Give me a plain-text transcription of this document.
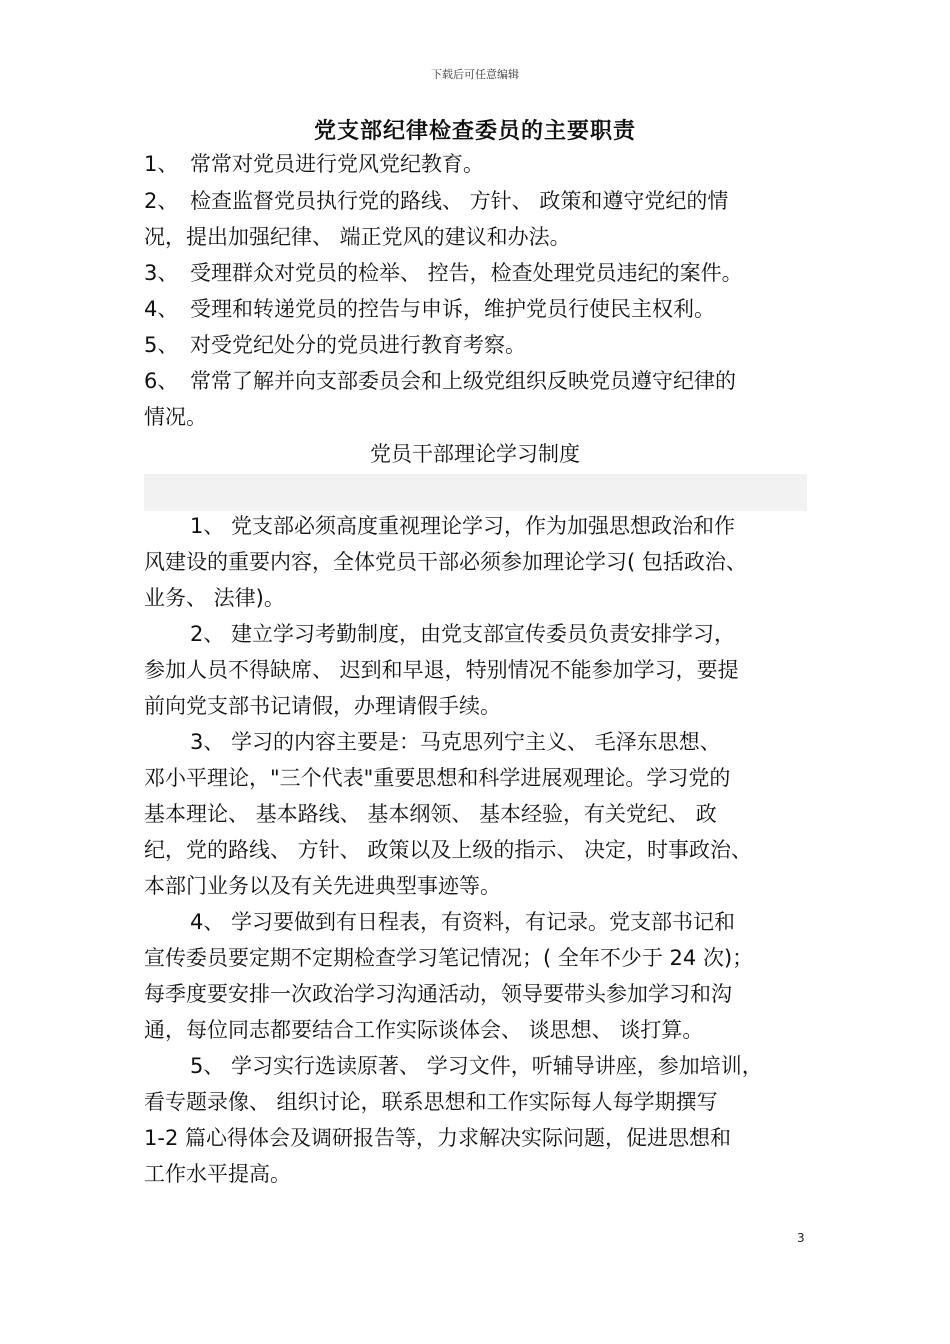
下载后可任意编辑
党支部纪律检查委员的主要职责
1、 常常对党员进行党风党纪教育。
2、 检查监督党员执行党的路线、 方针、 政策和遵守党纪的情
况，提出加强纪律、 端正党风的建议和办法。
3、 受理群众对党员的检举、 控告，检查处理党员违纪的案件。
4、 受理和转递党员的控告与申诉，维护党员行使民主权利。
5、 对受党纪处分的党员进行教育考察。
6、 常常了解并向支部委员会和上级党组织反映党员遵守纪律的
情况。
党员干部理论学习制度
1、 党支部必须高度重视理论学习，作为加强思想政治和作
风建设的重要内容，全体党员干部必须参加理论学习( 包括政治、
业务、 法律)。
2、 建立学习考勤制度，由党支部宣传委员负责安排学习，
参加人员不得缺席、 迟到和早退，特别情况不能参加学习，要提
前向党支部书记请假，办理请假手续。
3、 学习的内容主要是：马克思列宁主义、 毛泽东思想、
邓小平理论，"三个代表"重要思想和科学进展观理论。学习党的
基本理论、 基本路线、 基本纲领、 基本经验，有关党纪、 政
纪，党的路线、 方针、 政策以及上级的指示、 决定，时事政治、
本部门业务以及有关先进典型事迹等。
4、 学习要做到有日程表，有资料，有记录。党支部书记和
宣传委员要定期不定期检查学习笔记情况；( 全年不少于 24 次)；
每季度要安排一次政治学习沟通活动，领导要带头参加学习和沟
通，每位同志都要结合工作实际谈体会、 谈思想、 谈打算。
5、 学习实行选读原著、 学习文件，听辅导讲座，参加培训，
看专题录像、 组织讨论，联系思想和工作实际每人每学期撰写
1-2 篇心得体会及调研报告等，力求解决实际问题，促进思想和
工作水平提高。
3
